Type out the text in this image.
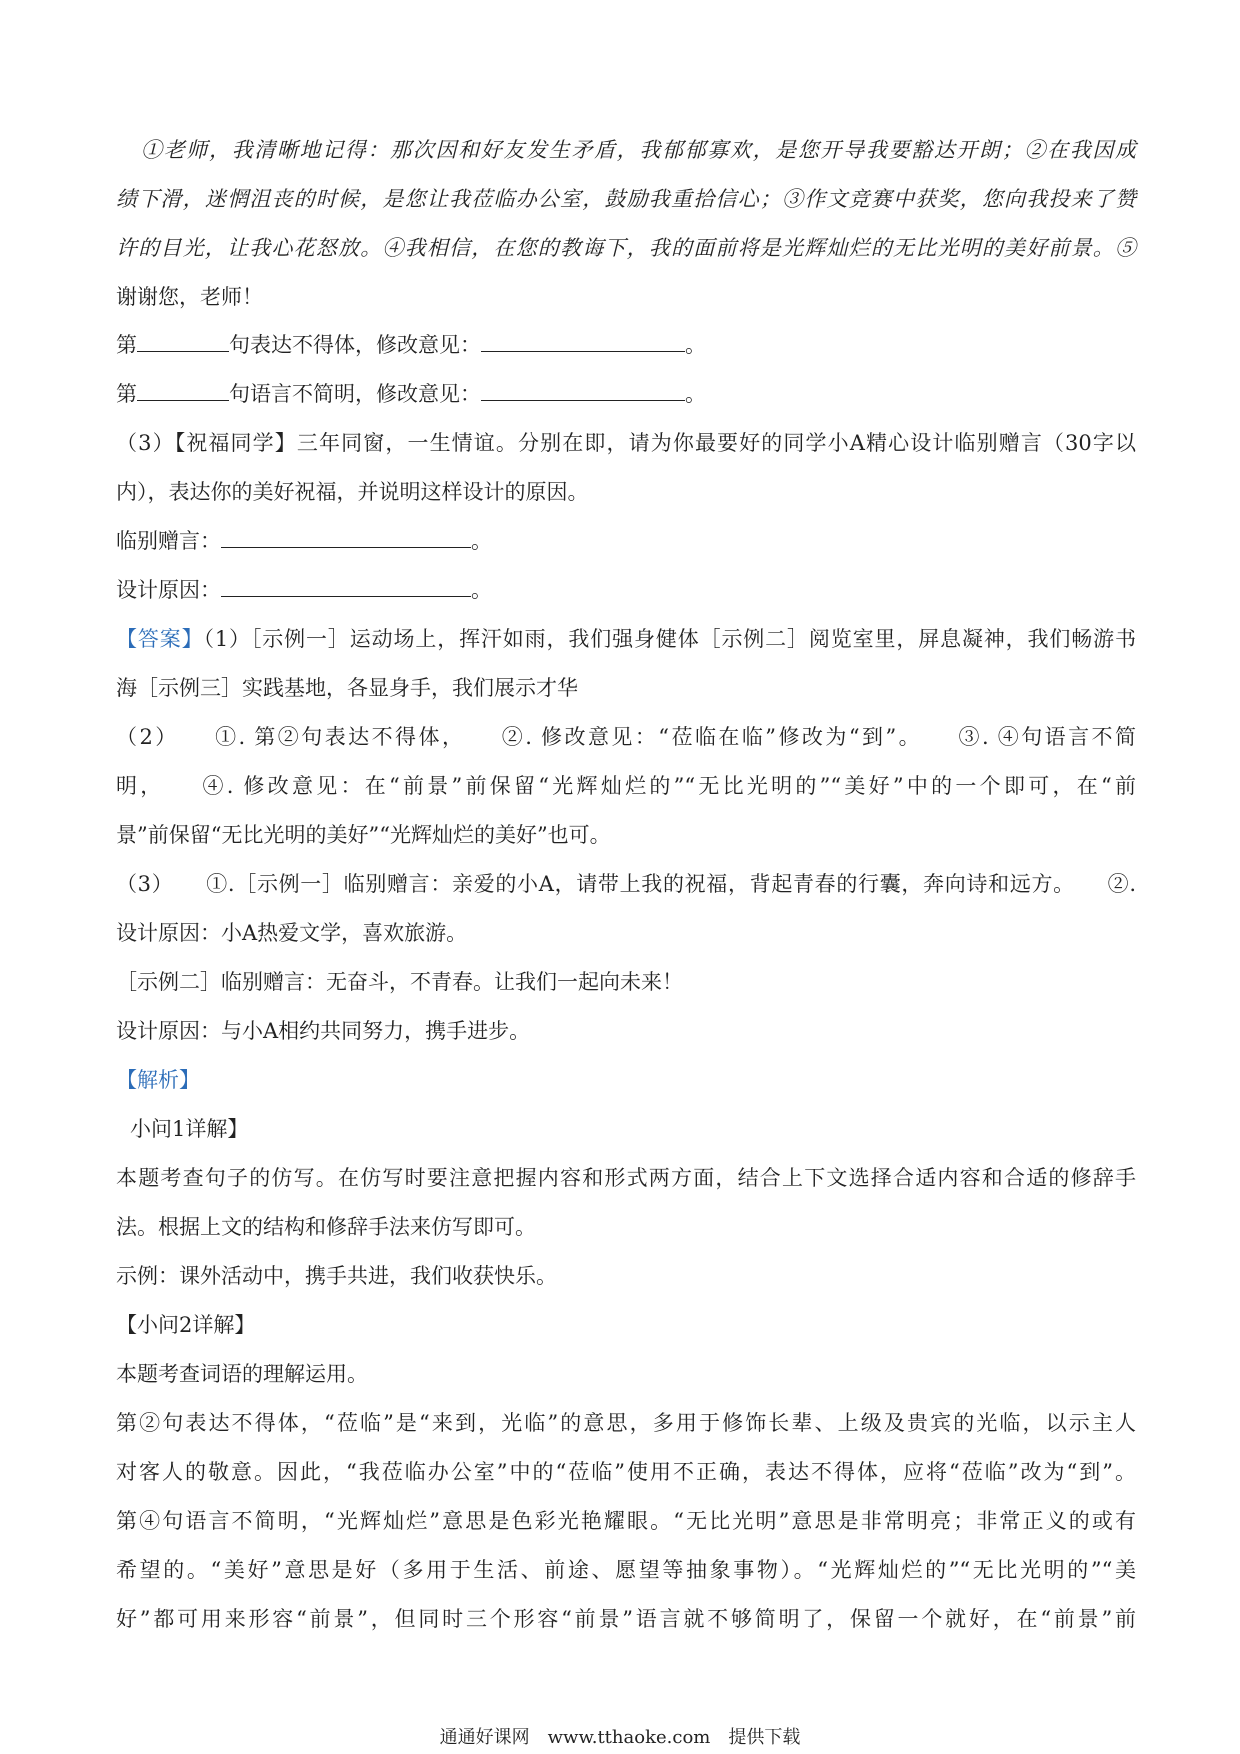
①老师，我清晰地记得：那次因和好友发生矛盾，我郁郁寡欢，是您开导我要豁达开朗；②在我因成
绩下滑，迷惘沮丧的时候，是您让我莅临办公室，鼓励我重拾信心；③作文竞赛中获奖，您向我投来了赞
许的目光，让我心花怒放。④我相信，在您的教诲下，我的面前将是光辉灿烂的无比光明的美好前景。⑤
谢谢您，老师！
第	句表达不得体，修改意见：	。
第	句语言不简明，修改意见：	。
（3）【祝福同学】三年同窗，一生情谊。分别在即，请为你最要好的同学小A精心设计临别赠言（30字以
内），表达你的美好祝福，并说明这样设计的原因。
临别赠言：	。
设计原因：	。
【答案】（1）［示例一］运动场上，挥汗如雨，我们强身健体［示例二］阅览室里，屏息凝神，我们畅游书
海［示例三］实践基地，各显身手，我们展示才华
（2）　　①. 第②句表达不得体，　　②. 修改意见：“莅临在临”修改为“到”。　　③. ④句语言不简
明，　　④. 修改意见：在“前景”前保留“光辉灿烂的”“无比光明的”“美好”中的一个即可，在“前
景”前保留“无比光明的美好”“光辉灿烂的美好”也可。
（3）　　①.［示例一］临别赠言：亲爱的小A，请带上我的祝福，背起青春的行囊，奔向诗和远方。　　②.
设计原因：小A热爱文学，喜欢旅游。
［示例二］临别赠言：无奋斗，不青春。让我们一起向未来！
设计原因：与小A相约共同努力，携手进步。
【解析】
小问1详解】
本题考查句子的仿写。在仿写时要注意把握内容和形式两方面，结合上下文选择合适内容和合适的修辞手
法。根据上文的结构和修辞手法来仿写即可。
示例：课外活动中，携手共进，我们收获快乐。
【小问2详解】
本题考查词语的理解运用。
第②句表达不得体，“莅临”是“来到，光临”的意思，多用于修饰长辈、上级及贵宾的光临，以示主人
对客人的敬意。因此，“我莅临办公室”中的“莅临”使用不正确，表达不得体，应将“莅临”改为“到”。
第④句语言不简明，“光辉灿烂”意思是色彩光艳耀眼。“无比光明”意思是非常明亮；非常正义的或有
希望的。“美好”意思是好（多用于生活、前途、愿望等抽象事物）。“光辉灿烂的”“无比光明的”“美
好”都可用来形容“前景”，但同时三个形容“前景”语言就不够简明了，保留一个就好，在“前景”前
通通好课网　www.tthaoke.com　提供下载
